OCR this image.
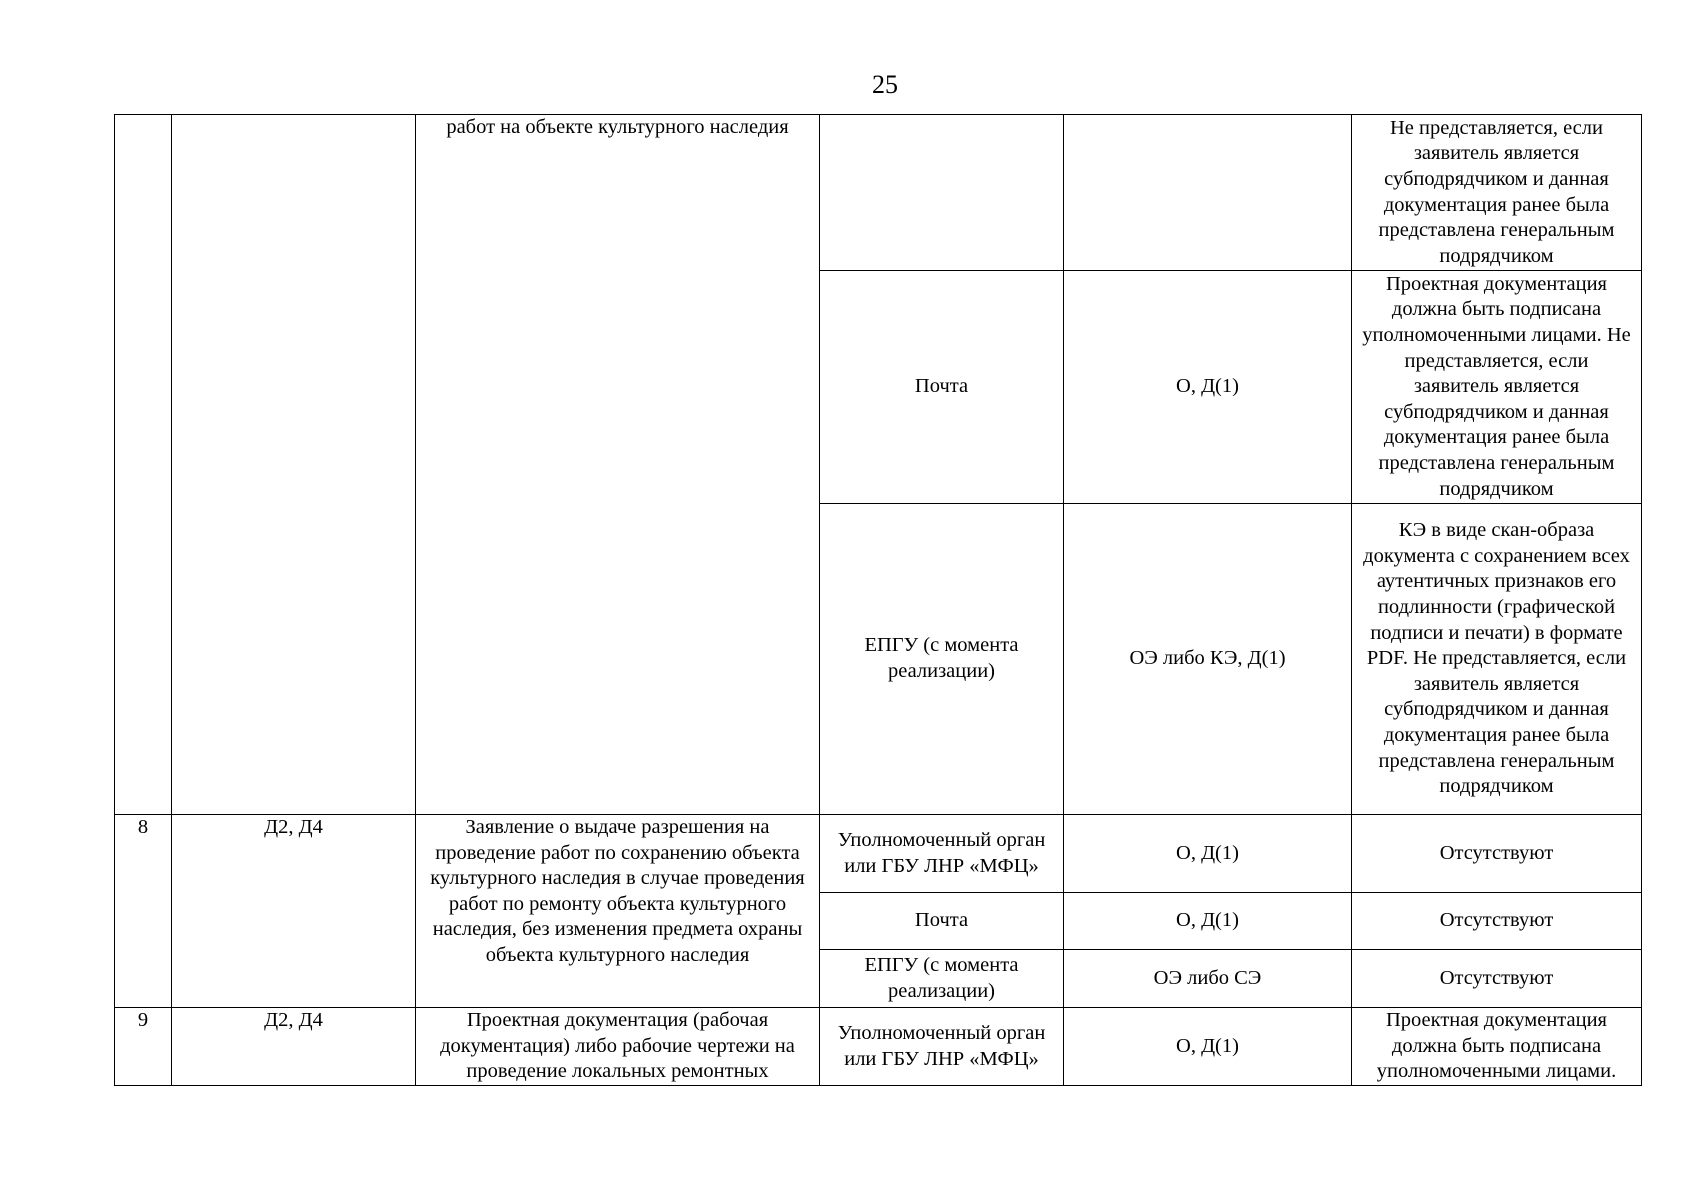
25
		работ на объекте культурного наследия			Не представляется, если заявитель является субподрядчиком и данная документация ранее была представлена генеральным подрядчиком
			Почта	О, Д(1)	Проектная документация должна быть подписана уполномоченными лицами. Не представляется, если заявитель является субподрядчиком и данная документация ранее была представлена генеральным подрядчиком
			ЕПГУ (с момента реализации)	ОЭ либо КЭ, Д(1)	КЭ в виде скан-образа документа с сохранением всех аутентичных признаков его подлинности (графической подписи и печати) в формате PDF. Не представляется, если заявитель является субподрядчиком и данная документация ранее была представлена генеральным подрядчиком
8	Д2, Д4	Заявление о выдаче разрешения на проведение работ по сохранению объекта культурного наследия в случае проведения работ по ремонту объекта культурного наследия, без изменения предмета охраны объекта культурного наследия	Уполномоченный орган или ГБУ ЛНР «МФЦ»	О, Д(1)	Отсутствуют
			Почта	О, Д(1)	Отсутствуют
			ЕПГУ (с момента реализации)	ОЭ либо СЭ	Отсутствуют
9	Д2, Д4	Проектная документация (рабочая документация) либо рабочие чертежи на проведение локальных ремонтных	Уполномоченный орган или ГБУ ЛНР «МФЦ»	О, Д(1)	Проектная документация должна быть подписана уполномоченными лицами.
